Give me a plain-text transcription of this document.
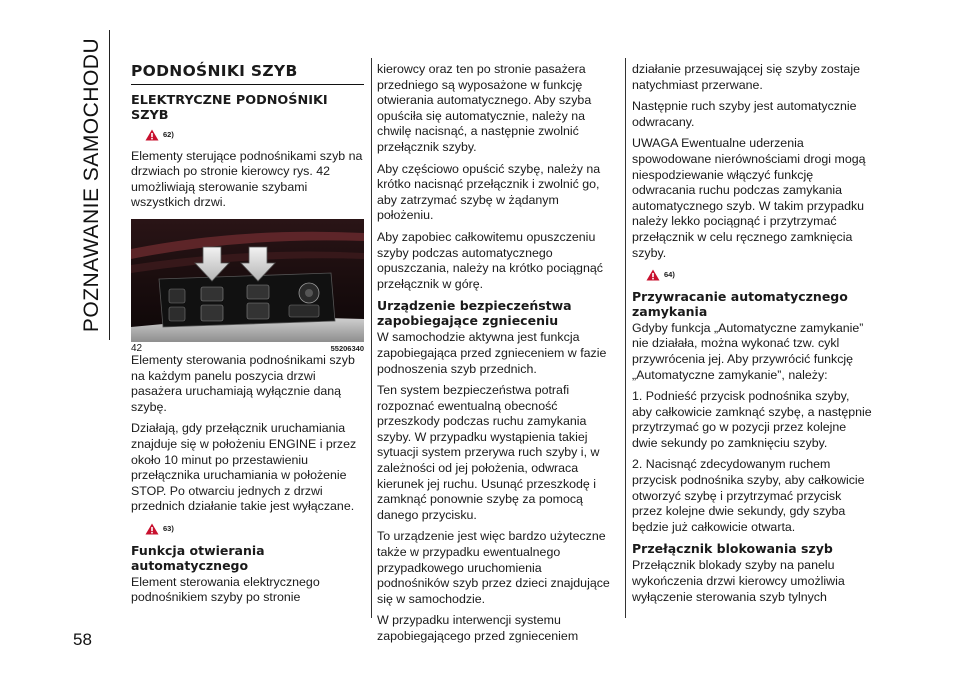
POZNAWANIE SAMOCHODU
58
PODNOŚNIKI SZYB
ELEKTRYCZNE PODNOŚNIKI SZYB
62)

Elementy sterujące podnośnikami szyb na drzwiach po stronie kierowcy rys. 42 umożliwiają sterowanie szybami wszystkich drzwi.

42	55206340

Elementy sterowania podnośnikami szyb na każdym panelu poszycia drzwi pasażera uruchamiają wyłącznie daną szybę.

Działają, gdy przełącznik uruchamiania znajduje się w położeniu ENGINE i przez około 10 minut po przestawieniu przełącznika uruchamiania w położenie STOP. Po otwarciu jednych z drzwi przednich działanie takie jest wyłączane.

63)
Funkcja otwierania automatycznego

Element sterowania elektrycznego podnośnikiem szyby po stronie

kierowcy oraz ten po stronie pasażera przedniego są wyposażone w funkcję otwierania automatycznego. Aby szyba opuściła się automatycznie, należy na chwilę nacisnąć, a następnie zwolnić przełącznik szyby.

Aby częściowo opuścić szybę, należy na krótko nacisnąć przełącznik i zwolnić go, aby zatrzymać szybę w żądanym położeniu.

Aby zapobiec całkowitemu opuszczeniu szyby podczas automatycznego opuszczania, należy na krótko pociągnąć przełącznik w górę.

Urządzenie bezpieczeństwa zapobiegające zgnieceniu

W samochodzie aktywna jest funkcja zapobiegająca przed zgnieceniem w fazie podnoszenia szyb przednich.

Ten system bezpieczeństwa potrafi rozpoznać ewentualną obecność przeszkody podczas ruchu zamykania szyby. W przypadku wystąpienia takiej sytuacji system przerywa ruch szyby i, w zależności od jej położenia, odwraca kierunek jej ruchu. Usunąć przeszkodę i zamknąć ponownie szybę za pomocą danego przycisku.

To urządzenie jest więc bardzo użyteczne także w przypadku ewentualnego przypadkowego uruchomienia podnośników szyb przez dzieci znajdujące się w samochodzie.

W przypadku interwencji systemu zapobiegającego przed zgnieceniem

działanie przesuwającej się szyby zostaje natychmiast przerwane.

Następnie ruch szyby jest automatycznie odwracany.

UWAGA Ewentualne uderzenia spowodowane nierównościami drogi mogą niespodziewanie włączyć funkcję odwracania ruchu podczas zamykania automatycznego szyb. W takim przypadku należy lekko pociągnąć i przytrzymać przełącznik w celu ręcznego zamknięcia szyby.

64)
Przywracanie automatycznego zamykania

Gdyby funkcja „Automatyczne zamykanie” nie działała, można wykonać tzw. cykl przywrócenia jej. Aby przywrócić funkcję „Automatyczne zamykanie”, należy:

1. Podnieść przycisk podnośnika szyby, aby całkowicie zamknąć szybę, a następnie przytrzymać go w pozycji przez kolejne dwie sekundy po zamknięciu szyby.

2. Nacisnąć zdecydowanym ruchem przycisk podnośnika szyby, aby całkowicie otworzyć szybę i przytrzymać przycisk przez kolejne dwie sekundy, gdy szyba będzie już całkowicie otwarta.

Przełącznik blokowania szyb

Przełącznik blokady szyby na panelu wykończenia drzwi kierowcy umożliwia wyłączenie sterowania szyb tylnych
